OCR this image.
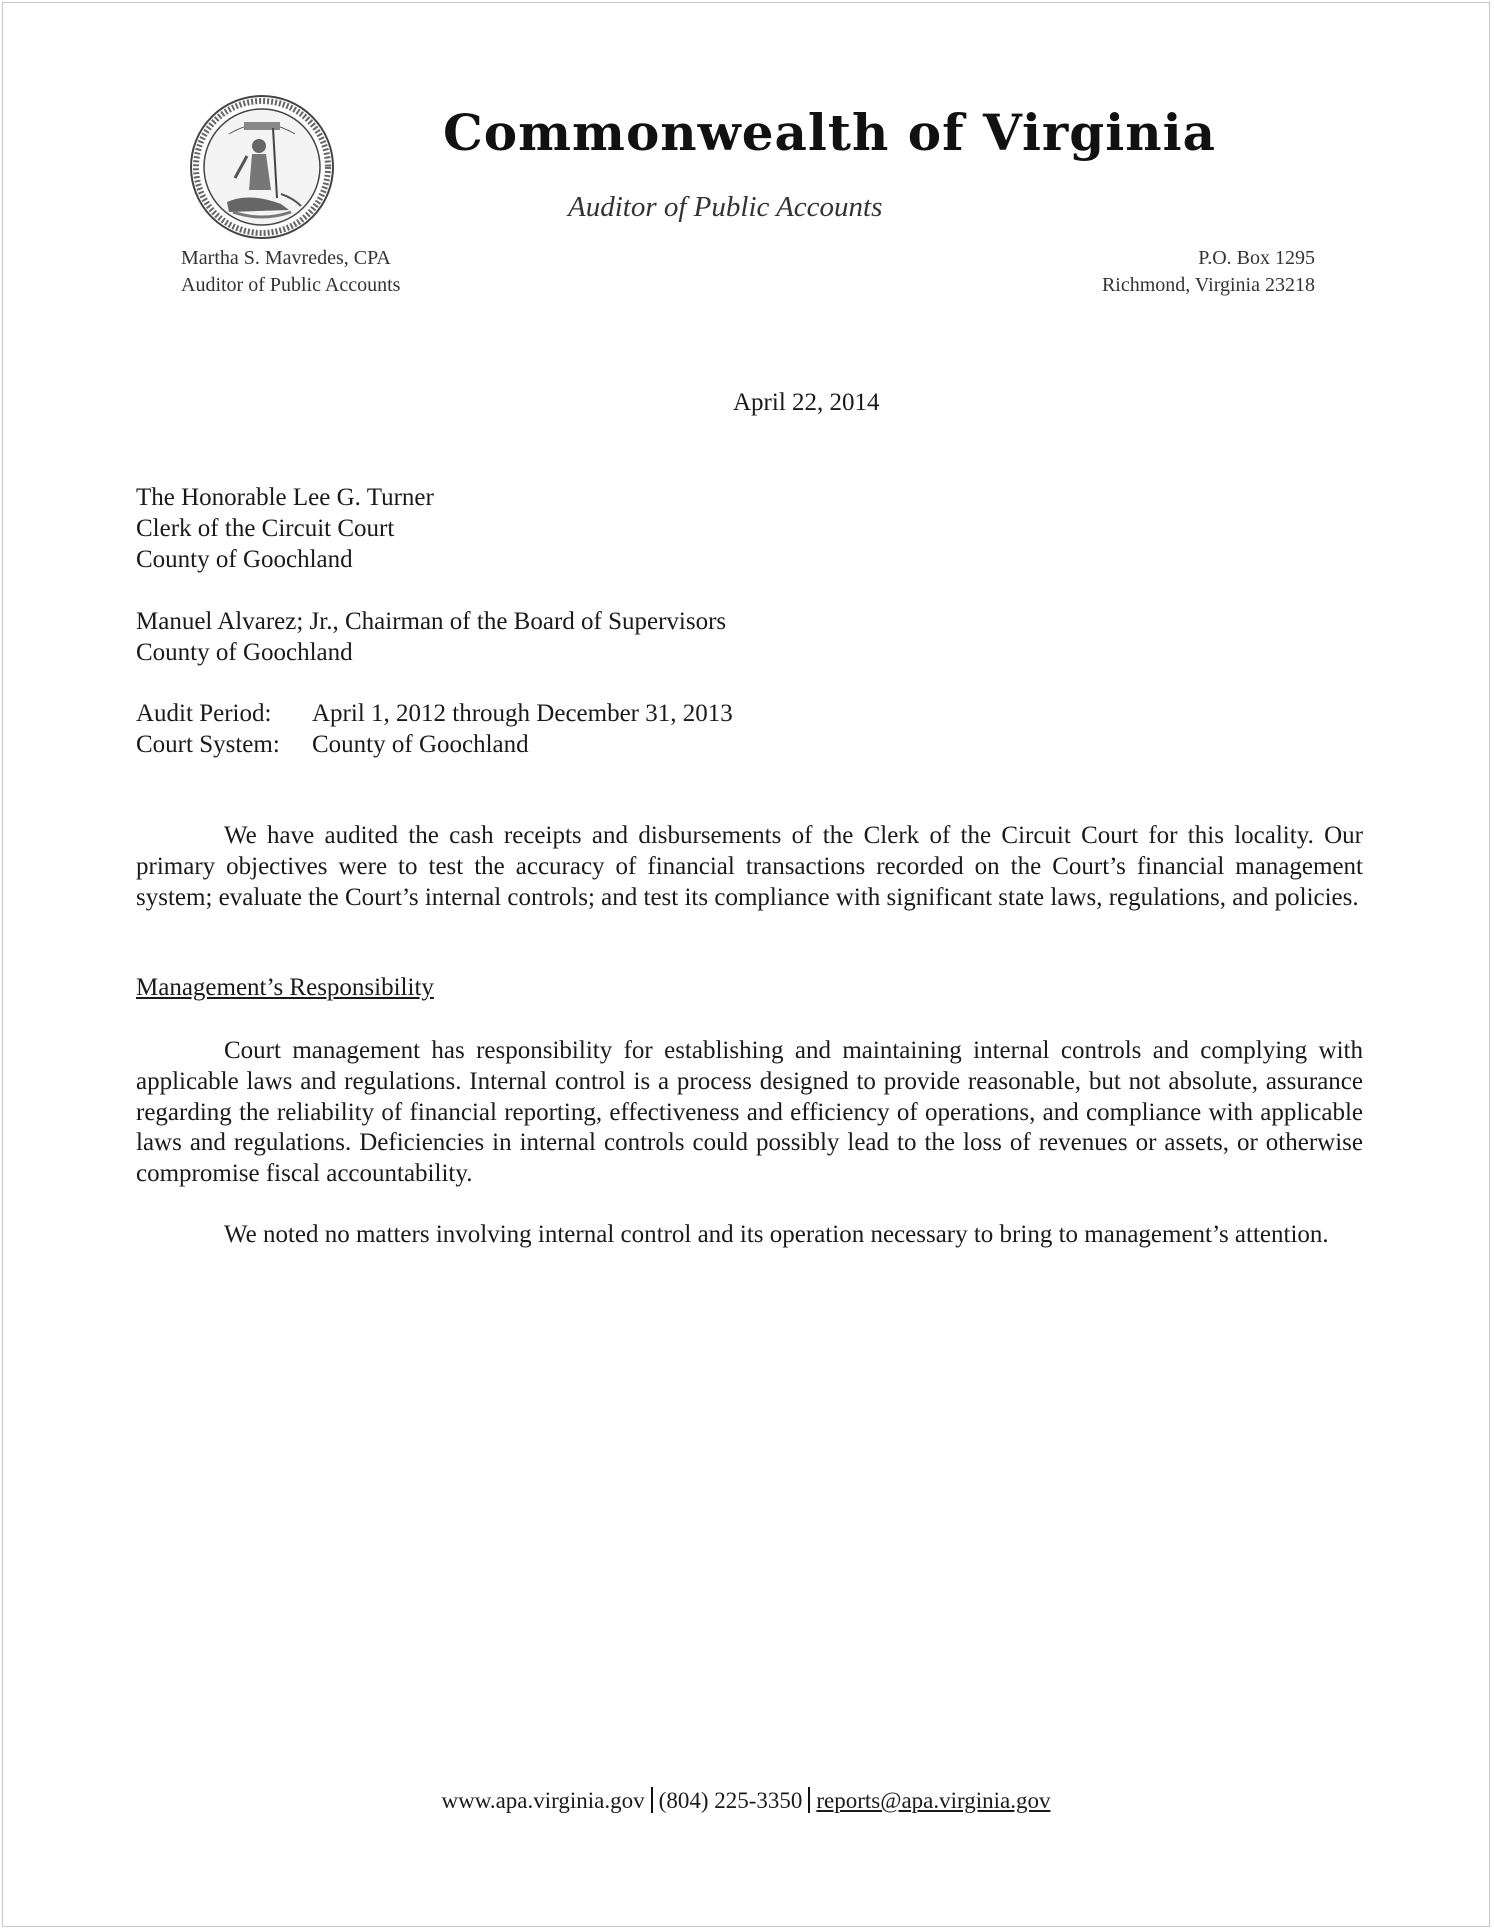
Commonwealth of Virginia
Auditor of Public Accounts
Martha S. Mavredes, CPA
Auditor of Public Accounts
P.O. Box 1295
Richmond, Virginia 23218
April 22, 2014
The Honorable Lee G. Turner
Clerk of the Circuit Court
County of Goochland
Manuel Alvarez; Jr., Chairman of the Board of Supervisors
County of Goochland
Audit Period:	April 1, 2012 through December 31, 2013
Court System:	County of Goochland

We have audited the cash receipts and disbursements of the Clerk of the Circuit Court for this locality. Our primary objectives were to test the accuracy of financial transactions recorded on the Court’s financial management system; evaluate the Court’s internal controls; and test its compliance with significant state laws, regulations, and policies.

Management’s Responsibility

Court management has responsibility for establishing and maintaining internal controls and complying with applicable laws and regulations. Internal control is a process designed to provide reasonable, but not absolute, assurance regarding the reliability of financial reporting, effectiveness and efficiency of operations, and compliance with applicable laws and regulations. Deficiencies in internal controls could possibly lead to the loss of revenues or assets, or otherwise compromise fiscal accountability.

We noted no matters involving internal control and its operation necessary to bring to management’s attention.

www.apa.virginia.gov (804) 225-3350 reports@apa.virginia.gov
